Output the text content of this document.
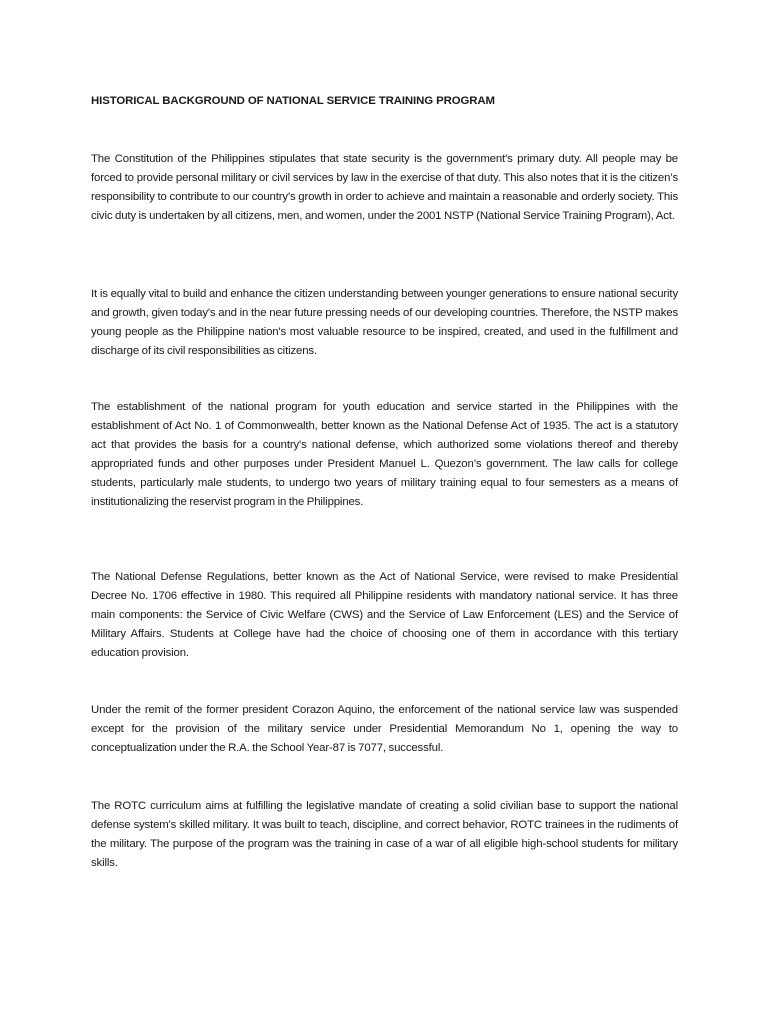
HISTORICAL BACKGROUND OF NATIONAL SERVICE TRAINING PROGRAM

The Constitution of the Philippines stipulates that state security is the government's primary duty. All people may be forced to provide personal military or civil services by law in the exercise of that duty. This also notes that it is the citizen’s responsibility to contribute to our country's growth in order to achieve and maintain a reasonable and orderly society. This civic duty is undertaken by all citizens, men, and women, under the 2001 NSTP (National Service Training Program), Act.

It is equally vital to build and enhance the citizen understanding between younger generations to ensure national security and growth, given today's and in the near future pressing needs of our developing countries. Therefore, the NSTP makes young people as the Philippine nation's most valuable resource to be inspired, created, and used in the fulfillment and discharge of its civil responsibilities as citizens.

The establishment of the national program for youth education and service started in the Philippines with the establishment of Act No. 1 of Commonwealth, better known as the National Defense Act of 1935. The act is a statutory act that provides the basis for a country's national defense, which authorized some violations thereof and thereby appropriated funds and other purposes under President Manuel L. Quezon’s government. The law calls for college students, particularly male students, to undergo two years of military training equal to four semesters as a means of institutionalizing the reservist program in the Philippines.

The National Defense Regulations, better known as the Act of National Service, were revised to make Presidential Decree No. 1706 effective in 1980. This required all Philippine residents with mandatory national service. It has three main components: the Service of Civic Welfare (CWS) and the Service of Law Enforcement (LES) and the Service of Military Affairs. Students at College have had the choice of choosing one of them in accordance with this tertiary education provision.

Under the remit of the former president Corazon Aquino, the enforcement of the national service law was suspended except for the provision of the military service under Presidential Memorandum No 1, opening the way to conceptualization under the R.A. the School Year-87 is 7077, successful.

The ROTC curriculum aims at fulfilling the legislative mandate of creating a solid civilian base to support the national defense system's skilled military. It was built to teach, discipline, and correct behavior, ROTC trainees in the rudiments of the military. The purpose of the program was the training in case of a war of all eligible high-school students for military skills.
